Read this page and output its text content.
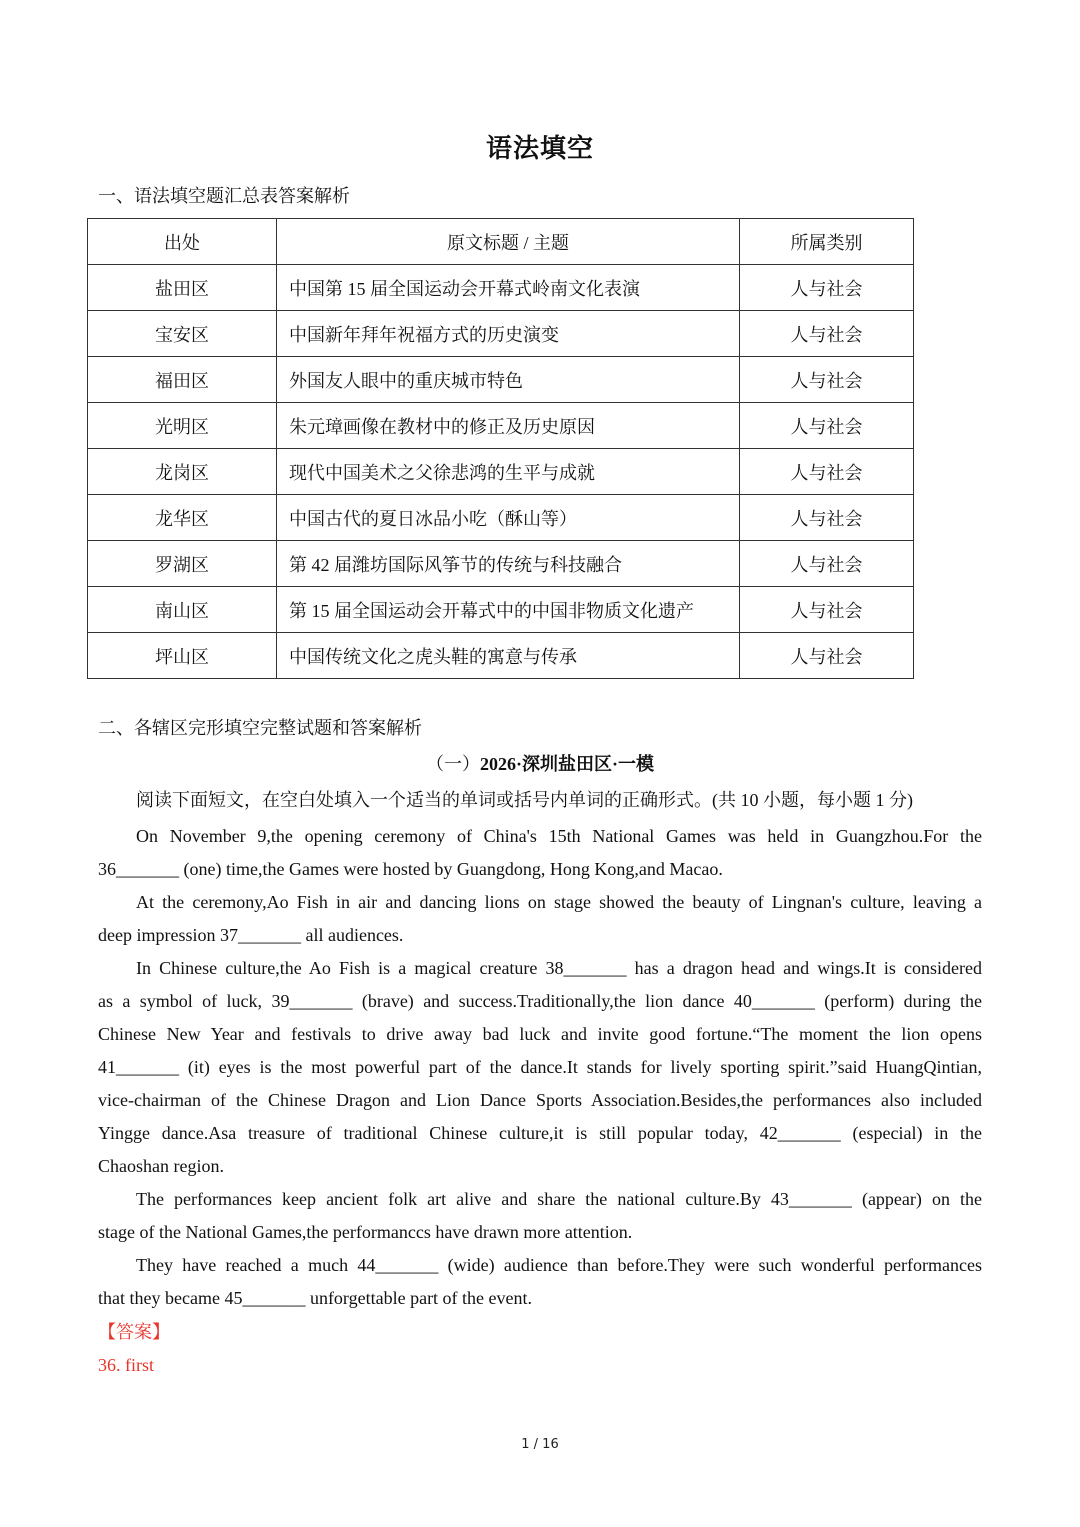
语法填空
一、语法填空题汇总表答案解析
出处	原文标题 / 主题	所属类别
盐田区	中国第 15 届全国运动会开幕式岭南文化表演	人与社会
宝安区	中国新年拜年祝福方式的历史演变	人与社会
福田区	外国友人眼中的重庆城市特色	人与社会
光明区	朱元璋画像在教材中的修正及历史原因	人与社会
龙岗区	现代中国美术之父徐悲鸿的生平与成就	人与社会
龙华区	中国古代的夏日冰品小吃（酥山等）	人与社会
罗湖区	第 42 届潍坊国际风筝节的传统与科技融合	人与社会
南山区	第 15 届全国运动会开幕式中的中国非物质文化遗产	人与社会
坪山区	中国传统文化之虎头鞋的寓意与传承	人与社会
二、各辖区完形填空完整试题和答案解析
（一）2026·深圳盐田区·一模
阅读下面短文，在空白处填入一个适当的单词或括号内单词的正确形式。(共 10 小题，每小题 1 分)
On November 9,the opening ceremony of China's 15th National Games was held in Guangzhou.For the
36_______ (one) time,the Games were hosted by Guangdong, Hong Kong,and Macao.
At the ceremony,Ao Fish in air and dancing lions on stage showed the beauty of Lingnan's culture, leaving a
deep impression 37_______ all audiences.
In Chinese culture,the Ao Fish is a magical creature 38_______ has a dragon head and wings.It is considered
as a symbol of luck, 39_______ (brave) and success.Traditionally,the lion dance 40_______ (perform) during the
Chinese New Year and festivals to drive away bad luck and invite good fortune.“The moment the lion opens
41_______ (it) eyes is the most powerful part of the dance.It stands for lively sporting spirit.”said HuangQintian,
vice-chairman of the Chinese Dragon and Lion Dance Sports Association.Besides,the performances also included
Yingge dance.Asa treasure of traditional Chinese culture,it is still popular today, 42_______ (especial) in the
Chaoshan region.
The performances keep ancient folk art alive and share the national culture.By 43_______ (appear) on the
stage of the National Games,the performanccs have drawn more attention.
They have reached a much 44_______ (wide) audience than before.They were such wonderful performances
that they became 45_______ unforgettable part of the event.
【答案】
36. first
1 / 16
